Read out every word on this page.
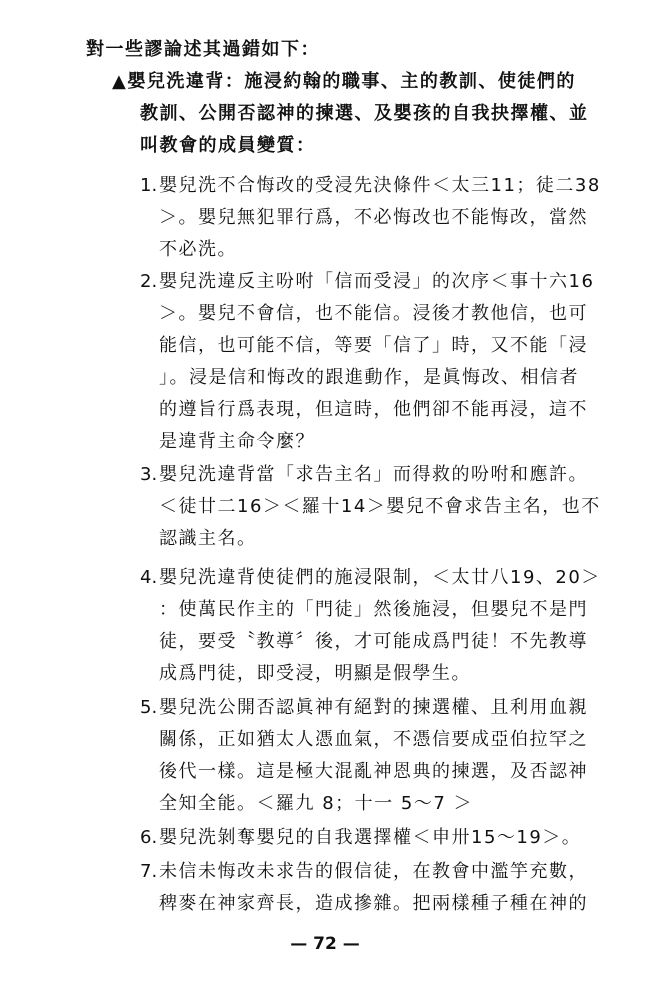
對一些謬論述其過錯如下：
▲嬰兒洗違背：施浸約翰的職事、主的教訓、使徒們的
教訓、公開否認神的揀選、及嬰孩的自我抉擇權、並
叫教會的成員變質：
1. 嬰兒洗不合悔改的受浸先決條件＜太三11；徒二38
＞。嬰兒無犯罪行爲，不必悔改也不能悔改，當然
不必洗。
2. 嬰兒洗違反主吩咐「信而受浸」的次序＜事十六16
＞。嬰兒不會信，也不能信。浸後才教他信，也可
能信，也可能不信，等要「信了」時，又不能「浸
」。浸是信和悔改的跟進動作，是眞悔改、相信者
的遵旨行爲表現，但這時，他們卻不能再浸，這不
是違背主命令麼？
3. 嬰兒洗違背當「求告主名」而得救的吩咐和應許。
＜徒廿二16＞＜羅十14＞嬰兒不會求告主名，也不
認識主名。
4. 嬰兒洗違背使徒們的施浸限制，＜太廿八19、20＞
：使萬民作主的「門徒」然後施浸，但嬰兒不是門
徒，要受〝教導〞後，才可能成爲門徒！不先教導
成爲門徒，即受浸，明顯是假學生。
5. 嬰兒洗公開否認眞神有絕對的揀選權、且利用血親
關係，正如猶太人憑血氣，不憑信要成亞伯拉罕之
後代一樣。這是極大混亂神恩典的揀選，及否認神
全知全能。＜羅九 8；十一 5～7 ＞
6. 嬰兒洗剝奪嬰兒的自我選擇權＜申卅15～19＞。
7. 未信未悔改未求告的假信徒，在教會中濫竽充數，
稗麥在神家齊長，造成摻雜。把兩樣種子種在神的
— 72 —
